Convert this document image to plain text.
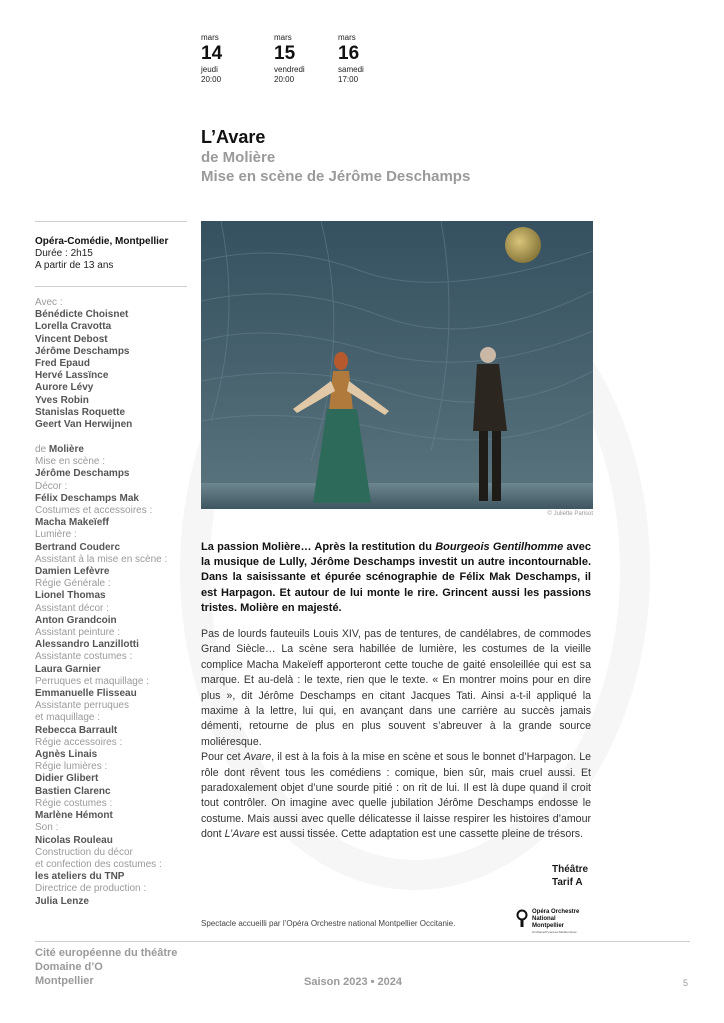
mars
14
jeudi
20:00
mars
15
vendredi
20:00
mars
16
samedi
17:00
L’Avare
de Molière
Mise en scène de Jérôme Deschamps
Opéra-Comédie, Montpellier
Durée : 2h15
A partir de 13 ans
Avec :
Bénédicte Choisnet
Lorella Cravotta
Vincent Debost
Jérôme Deschamps
Fred Epaud
Hervé Lassïnce
Aurore Lévy
Yves Robin
Stanislas Roquette
Geert Van Herwijnen
de Molière
Mise en scène :
Jérôme Deschamps
Décor :
Félix Deschamps Mak
Costumes et accessoires :
Macha Makeïeff
Lumière :
Bertrand Couderc
Assistant à la mise en scène :
Damien Lefèvre
Régie Générale :
Lionel Thomas
Assistant décor :
Anton Grandcoin
Assistant peinture :
Alessandro Lanzillotti
Assistante costumes :
Laura Garnier
Perruques et maquillage :
Emmanuelle Flisseau
Assistante perruques
et maquillage :
Rebecca Barrault
Régie accessoires :
Agnès Linais
Régie lumières :
Didier Glibert
Bastien Clarenc
Régie costumes :
Marlène Hémont
Son :
Nicolas Rouleau
Construction du décor
et confection des costumes :
les ateliers du TNP
Directrice de production :
Julia Lenze
© Juliette Parisot
La passion Molière… Après la restitution du Bourgeois Gentilhomme avec la musique de Lully, Jérôme Deschamps investit un autre incontournable. Dans la saisissante et épurée scénographie de Félix Mak Deschamps, il est Harpagon. Et autour de lui monte le rire. Grincent aussi les passions tristes. Molière en majesté.

Pas de lourds fauteuils Louis XIV, pas de tentures, de candélabres, de commodes Grand Siècle… La scène sera habillée de lumière, les costumes de la vieille complice Macha Makeïeff apporteront cette touche de gaité ensoleillée qui est sa marque. Et au-delà : le texte, rien que le texte. « En montrer moins pour en dire plus », dit Jérôme Deschamps en citant Jacques Tati. Ainsi a-t-il appliqué la maxime à la lettre, lui qui, en avançant dans une carrière au succès jamais démenti, retourne de plus en plus souvent s’abreuver à la grande source moliéresque.

Pour cet Avare, il est à la fois à la mise en scène et sous le bonnet d’Harpagon. Le rôle dont rêvent tous les comédiens : comique, bien sûr, mais cruel aussi. Et paradoxalement objet d’une sourde pitié : on rit de lui. Il est là dupe quand il croit tout contrôler. On imagine avec quelle jubilation Jérôme Deschamps endosse le costume. Mais aussi avec quelle délicatesse il laisse respirer les histoires d’amour dont L’Avare est aussi tissée. Cette adaptation est une cassette pleine de trésors.

Théâtre
Tarif A
Spectacle accueilli par l’Opéra Orchestre national Montpellier Occitanie.
Opéra Orchestre
National
Montpellier
Occitanie/Pyrénées-Méditerranée
Cité européenne du théâtre
Domaine d’O
Montpellier	Saison 2023 • 2024	5
